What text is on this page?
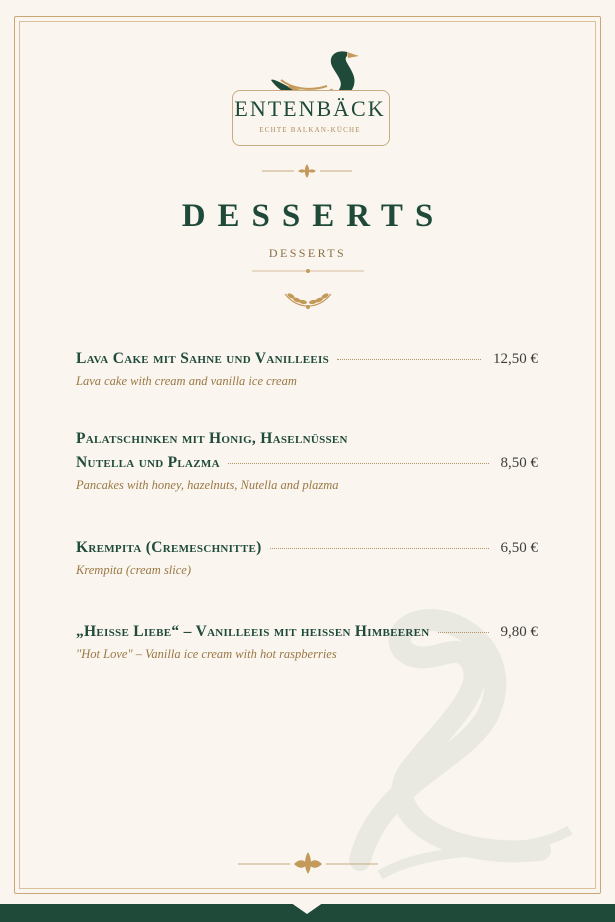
ENTENBÄCK
ECHTE BALKAN-KÜCHE
DESSERTS
DESSERTS
Lava Cake mit Sahne und Vanilleeis	12,50 €
Lava cake with cream and vanilla ice cream
Palatschinken mit Honig, Haselnüssen
Nutella und Plazma	8,50 €
Pancakes with honey, hazelnuts, Nutella and plazma
Krempita (Cremeschnitte)	6,50 €
Krempita (cream slice)
„Heisse Liebe“ – Vanilleeis mit heissen Himbeeren	9,80 €
"Hot Love" – Vanilla ice cream with hot raspberries
